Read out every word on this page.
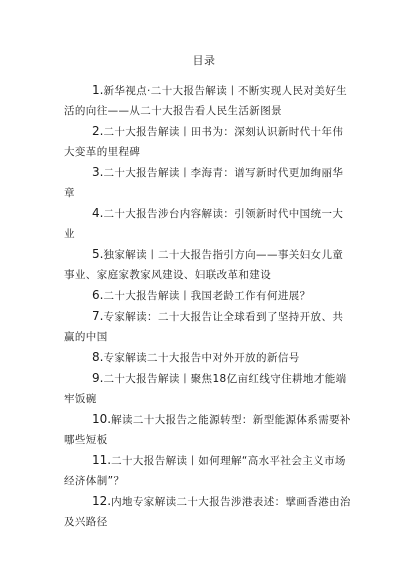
目录
1.新华视点·二十大报告解读丨不断实现人民对美好生活的向往——从二十大报告看人民生活新图景
2.二十大报告解读丨田书为：深刻认识新时代十年伟大变革的里程碑
3.二十大报告解读丨李海青：谱写新时代更加绚丽华章
4.二十大报告涉台内容解读：引领新时代中国统一大业
5.独家解读丨二十大报告指引方向——事关妇女儿童事业、家庭家教家风建设、妇联改革和建设
6.二十大报告解读丨我国老龄工作有何进展？
7.专家解读：二十大报告让全球看到了坚持开放、共赢的中国
8.专家解读二十大报告中对外开放的新信号
9.二十大报告解读丨聚焦18亿亩红线守住耕地才能端牢饭碗
10.解读二十大报告之能源转型：新型能源体系需要补哪些短板
11.二十大报告解读丨如何理解“高水平社会主义市场经济体制”？
12.内地专家解读二十大报告涉港表述：擘画香港由治及兴路径
